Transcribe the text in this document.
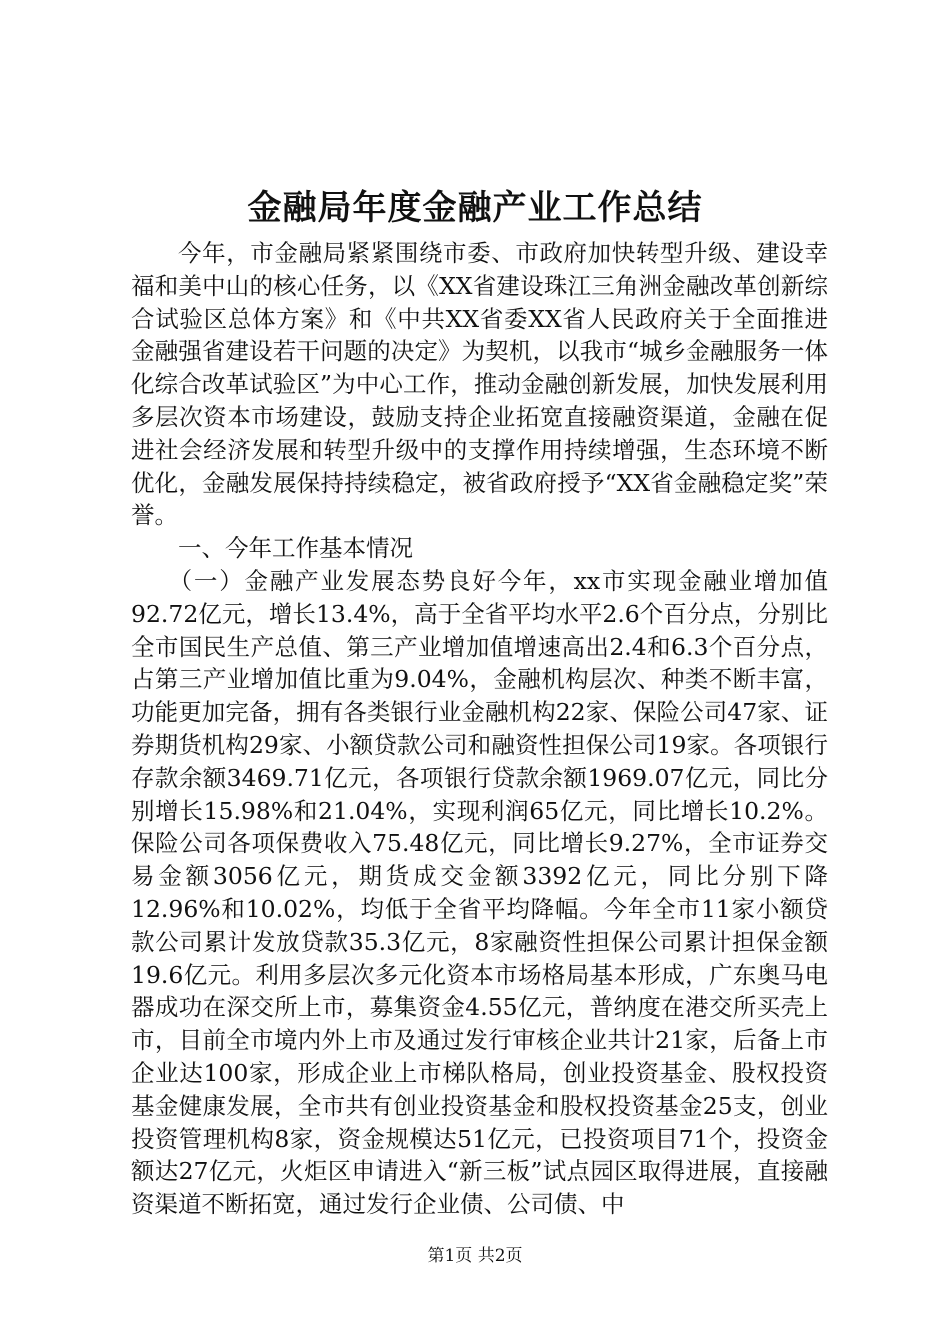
金融局年度金融产业工作总结

今年，市金融局紧紧围绕市委、市政府加快转型升级、建设幸福和美中山的核心任务，以《XX省建设珠江三角洲金融改革创新综合试验区总体方案》和《中共XX省委XX省人民政府关于全面推进金融强省建设若干问题的决定》为契机，以我市“城乡金融服务一体化综合改革试验区”为中心工作，推动金融创新发展，加快发展利用多层次资本市场建设，鼓励支持企业拓宽直接融资渠道，金融在促进社会经济发展和转型升级中的支撑作用持续增强，生态环境不断优化，金融发展保持持续稳定，被省政府授予“XX省金融稳定奖”荣誉。

一、今年工作基本情况

（一）金融产业发展态势良好今年，xx市实现金融业增加值92.72亿元，增长13.4%，高于全省平均水平2.6个百分点，分别比全市国民生产总值、第三产业增加值增速高出2.4和6.3个百分点，占第三产业增加值比重为9.04%，金融机构层次、种类不断丰富，功能更加完备，拥有各类银行业金融机构22家、保险公司47家、证券期货机构29家、小额贷款公司和融资性担保公司19家。各项银行存款余额3469.71亿元，各项银行贷款余额1969.07亿元，同比分别增长15.98%和21.04%，实现利润65亿元，同比增长10.2%。保险公司各项保费收入75.48亿元，同比增长9.27%，全市证券交易金额3056亿元，期货成交金额3392亿元，同比分别下降12.96%和10.02%，均低于全省平均降幅。今年全市11家小额贷款公司累计发放贷款35.3亿元，8家融资性担保公司累计担保金额19.6亿元。利用多层次多元化资本市场格局基本形成，广东奥马电器成功在深交所上市，募集资金4.55亿元，普纳度在港交所买壳上市，目前全市境内外上市及通过发行审核企业共计21家，后备上市企业达100家，形成企业上市梯队格局，创业投资基金、股权投资基金健康发展，全市共有创业投资基金和股权投资基金25支，创业投资管理机构8家，资金规模达51亿元，已投资项目71个，投资金额达27亿元，火炬区申请进入“新三板”试点园区取得进展，直接融资渠道不断拓宽，通过发行企业债、公司债、中

第1页 共2页
